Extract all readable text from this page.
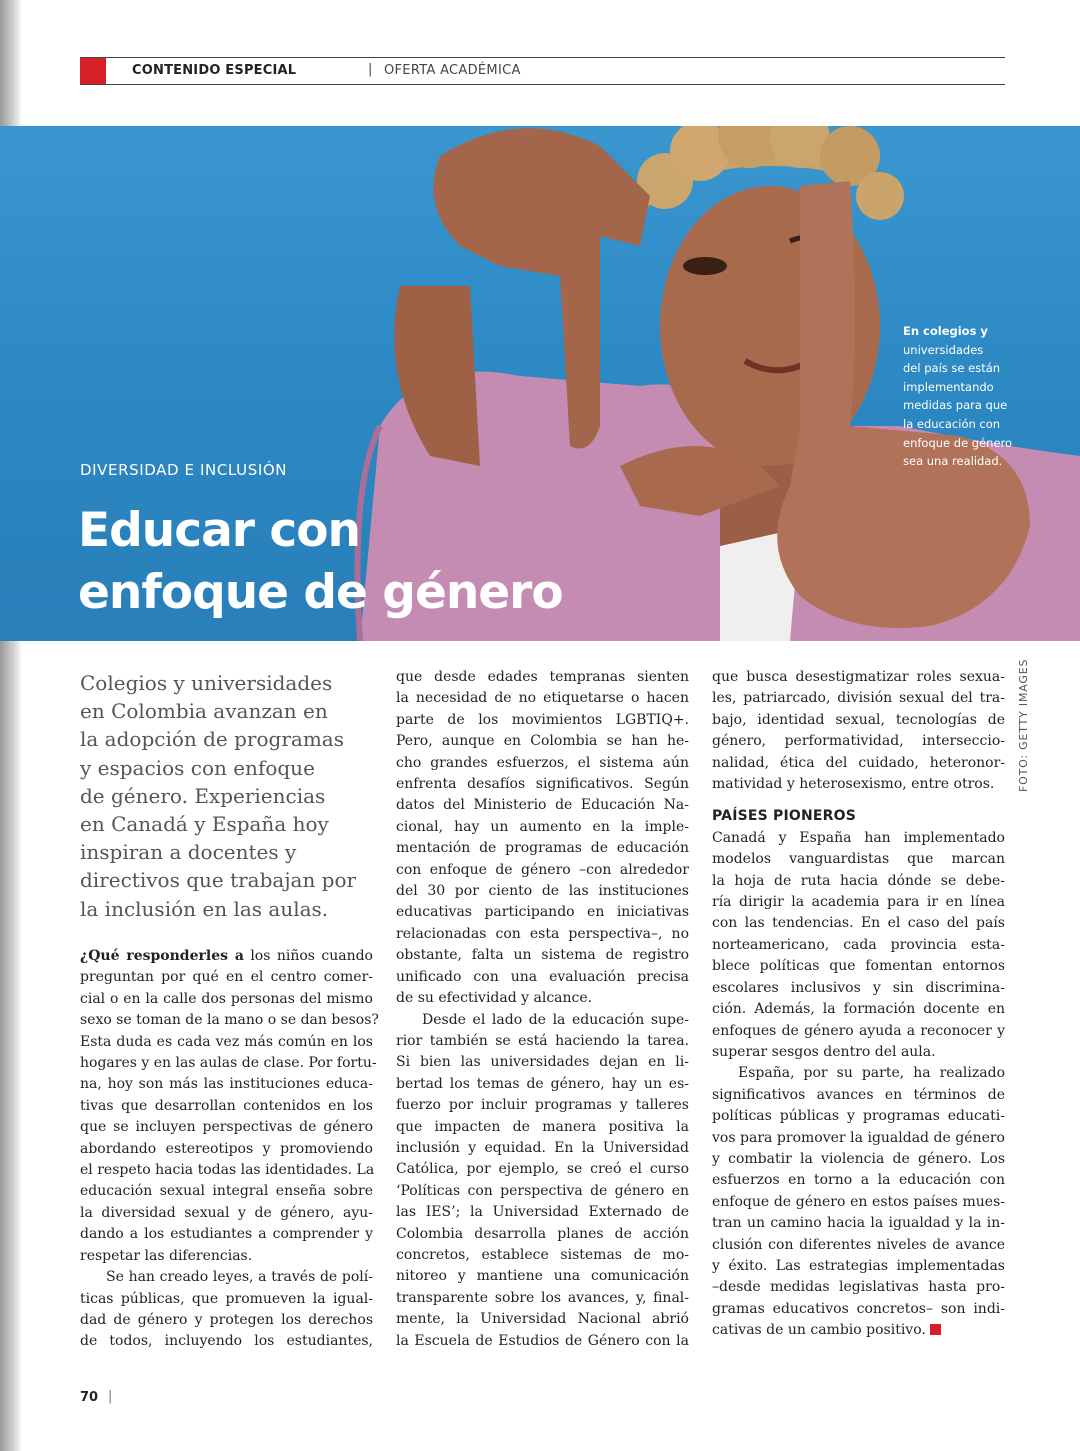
CONTENIDO ESPECIAL	| OFERTA ACADÉMICA
En colegios y
universidades
del país se están
implementando
medidas para que
la educación con
enfoque de género
sea una realidad.
DIVERSIDAD E INCLUSIÓN
Educar con
enfoque de género
Colegios y universidades
en Colombia avanzan en
la adopción de programas
y espacios con enfoque
de género. Experiencias
en Canadá y España hoy
inspiran a docentes y
directivos que trabajan por
la inclusión en las aulas.
¿Qué responderles a los niños cuando
preguntan por qué en el centro comer-
cial o en la calle dos personas del mismo
sexo se toman de la mano o se dan besos?
Esta duda es cada vez más común en los
hogares y en las aulas de clase. Por fortu-
na, hoy son más las instituciones educa-
tivas que desarrollan contenidos en los
que se incluyen perspectivas de género
abordando estereotipos y promoviendo
el respeto hacia todas las identidades. La
educación sexual integral enseña sobre
la diversidad sexual y de género, ayu-
dando a los estudiantes a comprender y
respetar las diferencias.
Se han creado leyes, a través de polí-
ticas públicas, que promueven la igual-
dad de género y protegen los derechos
de todos, incluyendo los estudiantes,
que desde edades tempranas sienten
la necesidad de no etiquetarse o hacen
parte de los movimientos LGBTIQ+.
Pero, aunque en Colombia se han he-
cho grandes esfuerzos, el sistema aún
enfrenta desafíos significativos. Según
datos del Ministerio de Educación Na-
cional, hay un aumento en la imple-
mentación de programas de educación
con enfoque de género –con alrededor
del 30 por ciento de las instituciones
educativas participando en iniciativas
relacionadas con esta perspectiva–, no
obstante, falta un sistema de registro
unificado con una evaluación precisa
de su efectividad y alcance.
Desde el lado de la educación supe-
rior también se está haciendo la tarea.
Si bien las universidades dejan en li-
bertad los temas de género, hay un es-
fuerzo por incluir programas y talleres
que impacten de manera positiva la
inclusión y equidad. En la Universidad
Católica, por ejemplo, se creó el curso
‘Políticas con perspectiva de género en
las IES’; la Universidad Externado de
Colombia desarrolla planes de acción
concretos, establece sistemas de mo-
nitoreo y mantiene una comunicación
transparente sobre los avances, y, final-
mente, la Universidad Nacional abrió
la Escuela de Estudios de Género con la
que busca desestigmatizar roles sexua-
les, patriarcado, división sexual del tra-
bajo, identidad sexual, tecnologías de
género, performatividad, interseccio-
nalidad, ética del cuidado, heteronor-
matividad y heterosexismo, entre otros.
PAÍSES PIONEROS
Canadá y España han implementado
modelos vanguardistas que marcan
la hoja de ruta hacia dónde se debe-
ría dirigir la academia para ir en línea
con las tendencias. En el caso del país
norteamericano, cada provincia esta-
blece políticas que fomentan entornos
escolares inclusivos y sin discrimina-
ción. Además, la formación docente en
enfoques de género ayuda a reconocer y
superar sesgos dentro del aula.
España, por su parte, ha realizado
significativos avances en términos de
políticas públicas y programas educati-
vos para promover la igualdad de género
y combatir la violencia de género. Los
esfuerzos en torno a la educación con
enfoque de género en estos países mues-
tran un camino hacia la igualdad y la in-
clusión con diferentes niveles de avance
y éxito. Las estrategias implementadas
–desde medidas legislativas hasta pro-
gramas educativos concretos– son indi-
cativas de un cambio positivo.
FOTO: GETTY IMAGES
70 |
